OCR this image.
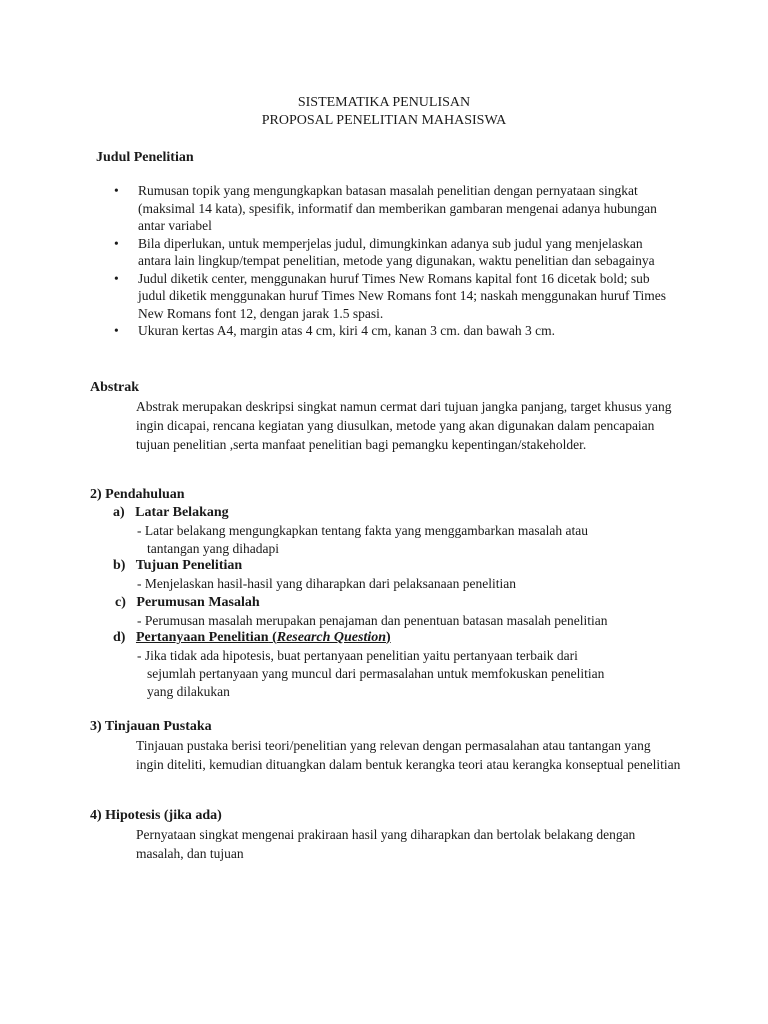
SISTEMATIKA PENULISAN
PROPOSAL PENELITIAN MAHASISWA
Judul Penelitian
• Rumusan topik yang mengungkapkan batasan masalah penelitian dengan pernyataan singkat (maksimal 14 kata), spesifik, informatif dan memberikan gambaran mengenai adanya hubungan antar variabel
• Bila diperlukan, untuk memperjelas judul, dimungkinkan adanya sub judul yang menjelaskan antara lain lingkup/tempat penelitian, metode yang digunakan, waktu penelitian dan sebagainya
• Judul diketik center, menggunakan huruf Times New Romans kapital font 16 dicetak bold; sub judul diketik menggunakan huruf Times New Romans font 14; naskah menggunakan huruf Times New Romans font 12, dengan jarak 1.5 spasi.
• Ukuran kertas A4, margin atas 4 cm, kiri 4 cm, kanan 3 cm. dan bawah 3 cm.
Abstrak
Abstrak merupakan deskripsi singkat namun cermat dari tujuan jangka panjang, target khusus yang ingin dicapai, rencana kegiatan yang diusulkan, metode yang akan digunakan dalam pencapaian tujuan penelitian ,serta manfaat penelitian bagi pemangku kepentingan/stakeholder.
2) Pendahuluan
a) Latar Belakang
- Latar belakang mengungkapkan tentang fakta yang menggambarkan masalah atau
tantangan yang dihadapi
b) Tujuan Penelitian
- Menjelaskan hasil-hasil yang diharapkan dari pelaksanaan penelitian
c) Perumusan Masalah
- Perumusan masalah merupakan penajaman dan penentuan batasan masalah penelitian
d) Pertanyaan Penelitian (Research Question)
- Jika tidak ada hipotesis, buat pertanyaan penelitian yaitu pertanyaan terbaik dari
sejumlah pertanyaan yang muncul dari permasalahan untuk memfokuskan penelitian
yang dilakukan
3) Tinjauan Pustaka
Tinjauan pustaka berisi teori/penelitian yang relevan dengan permasalahan atau tantangan yang ingin diteliti, kemudian dituangkan dalam bentuk kerangka teori atau kerangka konseptual penelitian
4) Hipotesis (jika ada)
Pernyataan singkat mengenai prakiraan hasil yang diharapkan dan bertolak belakang dengan masalah, dan tujuan
